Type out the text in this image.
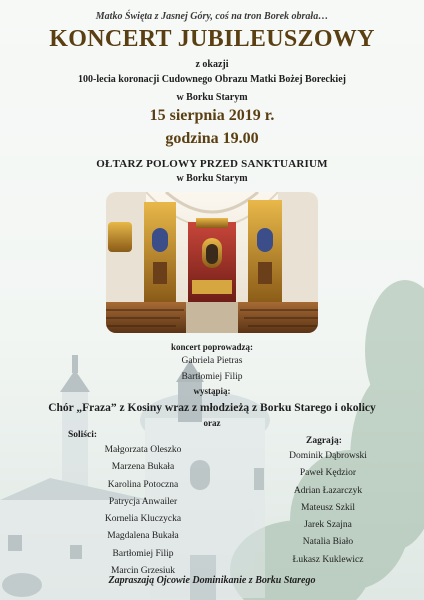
Matko Święta z Jasnej Góry, coś na tron Borek obrała…
KONCERT JUBILEUSZOWY
z okazji
100-lecia koronacji Cudownego Obrazu Matki Bożej Boreckiej
w Borku Starym
15 sierpnia 2019 r.
godzina 19.00
OŁTARZ POLOWY PRZED SANKTUARIUM
w Borku Starym
koncert poprowadzą:
Gabriela Pietras
Bartłomiej Filip
wystąpią:
Chór „Fraza” z Kosiny wraz z młodzieżą z Borku Starego i okolicy
oraz
Soliści:
Małgorzata Oleszko
Marzena Bukała
Karolina Potoczna
Patrycja Anwailer
Kornelia Kluczycka
Magdalena Bukała
Bartłomiej Filip
Marcin Grzesiuk
Zagrają:
Dominik Dąbrowski
Paweł Kędzior
Adrian Łazarczyk
Mateusz Szkil
Jarek Szajna
Natalia Biało
Łukasz Kuklewicz
Zapraszają Ojcowie Dominikanie z Borku Starego
